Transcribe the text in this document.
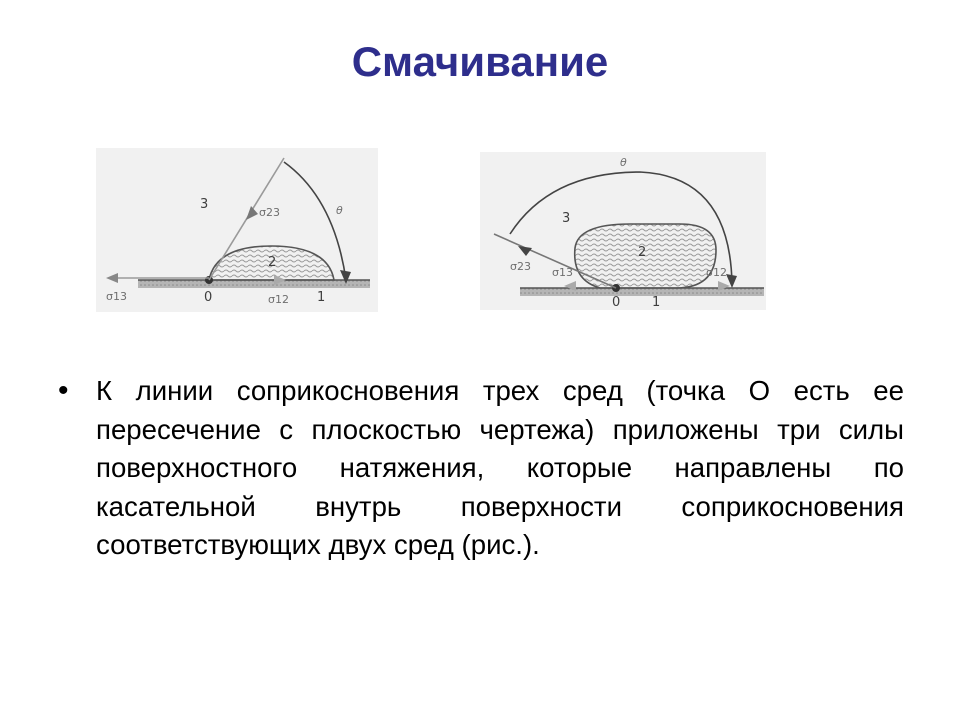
Смачивание
3
σ23	θ
2
σ13	0	σ12 1
θ
3
2
σ23 σ13	σ12
0 1
• К линии соприкосновения трех сред (точка О есть ее пересечение с плоскостью чертежа) приложены три силы поверхностного натяжения, которые направлены по касательной внутрь поверхности соприкосновения соответствующих двух сред (рис.).
